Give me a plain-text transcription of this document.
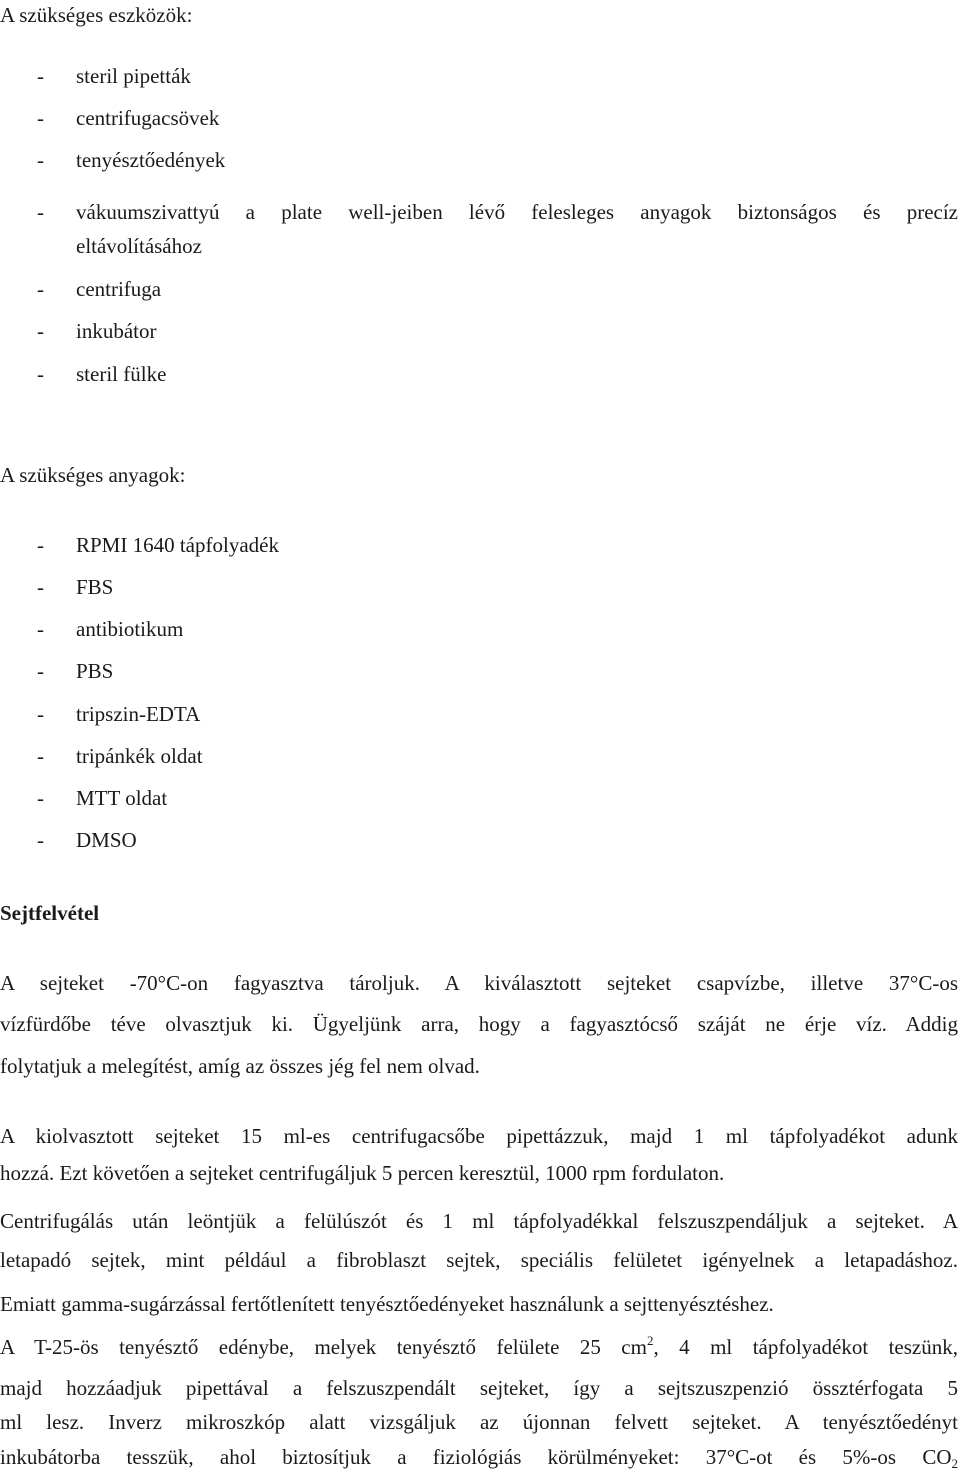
A szükséges eszközök:
- steril pipetták
- centrifugacsövek
- tenyésztőedények
- vákuumszivattyú a plate well-jeiben lévő felesleges anyagok biztonságos és precíz
eltávolításához
- centrifuga
- inkubátor
- steril fülke
A szükséges anyagok:
- RPMI 1640 tápfolyadék
- FBS
- antibiotikum
- PBS
- tripszin-EDTA
- tripánkék oldat
- MTT oldat
- DMSO
Sejtfelvétel
A sejteket -70°C-on fagyasztva tároljuk. A kiválasztott sejteket csapvízbe, illetve 37°C-os
vízfürdőbe téve olvasztjuk ki. Ügyeljünk arra, hogy a fagyasztócső száját ne érje víz. Addig
folytatjuk a melegítést, amíg az összes jég fel nem olvad.
A kiolvasztott sejteket 15 ml-es centrifugacsőbe pipettázzuk, majd 1 ml tápfolyadékot adunk
hozzá. Ezt követően a sejteket centrifugáljuk 5 percen keresztül, 1000 rpm fordulaton.
Centrifugálás után leöntjük a felülúszót és 1 ml tápfolyadékkal felszuszpendáljuk a sejteket. A
letapadó sejtek, mint például a fibroblaszt sejtek, speciális felületet igényelnek a letapadáshoz.
Emiatt gamma-sugárzással fertőtlenített tenyésztőedényeket használunk a sejttenyésztéshez.
A T-25-ös tenyésztő edénybe, melyek tenyésztő felülete 25 $cm^2$, 4 ml tápfolyadékot teszünk,
majd hozzáadjuk pipettával a felszuszpendált sejteket, így a sejtszuszpenzió össztérfogata 5
ml lesz. Inverz mikroszkóp alatt vizsgáljuk az újonnan felvett sejteket. A tenyésztőedényt
inkubátorba tesszük, ahol biztosítjuk a fiziológiás körülményeket: 37°C-ot és 5%-os $CO_2$
